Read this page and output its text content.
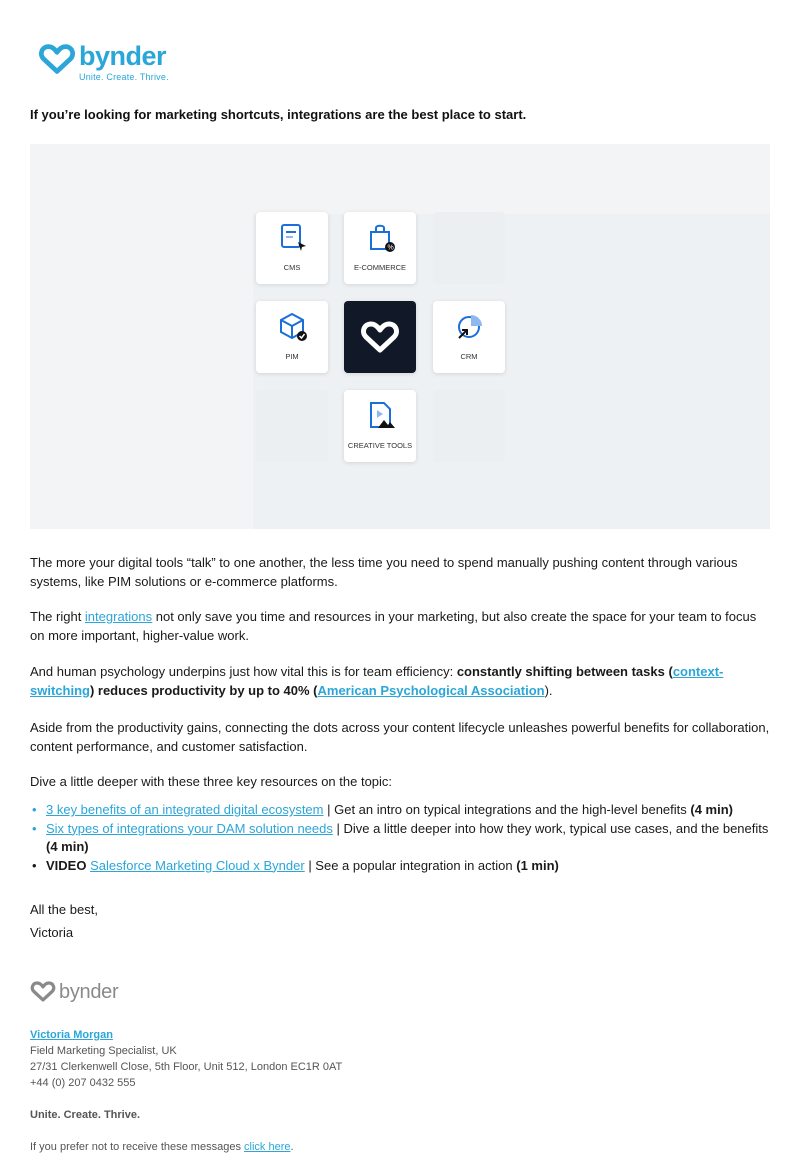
bynder
Unite. Create. Thrive.
If you’re looking for marketing shortcuts, integrations are the best place to start.
CMS
%
E-COMMERCE
PIM	CRM
CREATIVE TOOLS

The more your digital tools “talk” to one another, the less time you need to spend manually pushing content through various systems, like PIM solutions or e-commerce platforms.

The right integrations not only save you time and resources in your marketing, but also create the space for your team to focus on more important, higher-value work.

And human psychology underpins just how vital this is for team efficiency: constantly shifting between tasks (context-switching) reduces productivity by up to 40% (American Psychological Association).

Aside from the productivity gains, connecting the dots across your content lifecycle unleashes powerful benefits for collaboration, content performance, and customer satisfaction.

Dive a little deeper with these three key resources on the topic:

• 3 key benefits of an integrated digital ecosystem | Get an intro on typical integrations and the high-level benefits (4 min)
• Six types of integrations your DAM solution needs | Dive a little deeper into how they work, typical use cases, and the benefits (4 min)
• VIDEO Salesforce Marketing Cloud x Bynder | See a popular integration in action (1 min)

All the best,

Victoria

bynder
Victoria Morgan
Field Marketing Specialist, UK
27/31 Clerkenwell Close, 5th Floor, Unit 512, London EC1R 0AT
+44 (0) 207 0432 555
Unite. Create. Thrive.
If you prefer not to receive these messages click here.
